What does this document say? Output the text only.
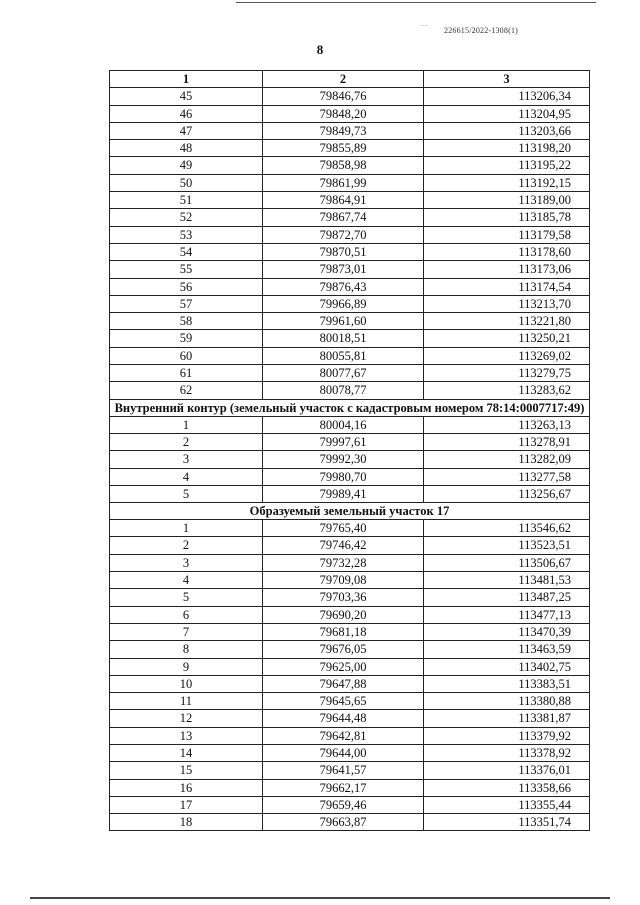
⁻⁻ 226615/2022-1308(1)
8
1	2	3
45	79846,76	113206,34
46	79848,20	113204,95
47	79849,73	113203,66
48	79855,89	113198,20
49	79858,98	113195,22
50	79861,99	113192,15
51	79864,91	113189,00
52	79867,74	113185,78
53	79872,70	113179,58
54	79870,51	113178,60
55	79873,01	113173,06
56	79876,43	113174,54
57	79966,89	113213,70
58	79961,60	113221,80
59	80018,51	113250,21
60	80055,81	113269,02
61	80077,67	113279,75
62	80078,77	113283,62
Внутренний контур (земельный участок с кадастровым номером 78:14:0007717:49)		
1	80004,16	113263,13
2	79997,61	113278,91
3	79992,30	113282,09
4	79980,70	113277,58
5	79989,41	113256,67
Образуемый земельный участок 17		
1	79765,40	113546,62
2	79746,42	113523,51
3	79732,28	113506,67
4	79709,08	113481,53
5	79703,36	113487,25
6	79690,20	113477,13
7	79681,18	113470,39
8	79676,05	113463,59
9	79625,00	113402,75
10	79647,88	113383,51
11	79645,65	113380,88
12	79644,48	113381,87
13	79642,81	113379,92
14	79644,00	113378,92
15	79641,57	113376,01
16	79662,17	113358,66
17	79659,46	113355,44
18	79663,87	113351,74
